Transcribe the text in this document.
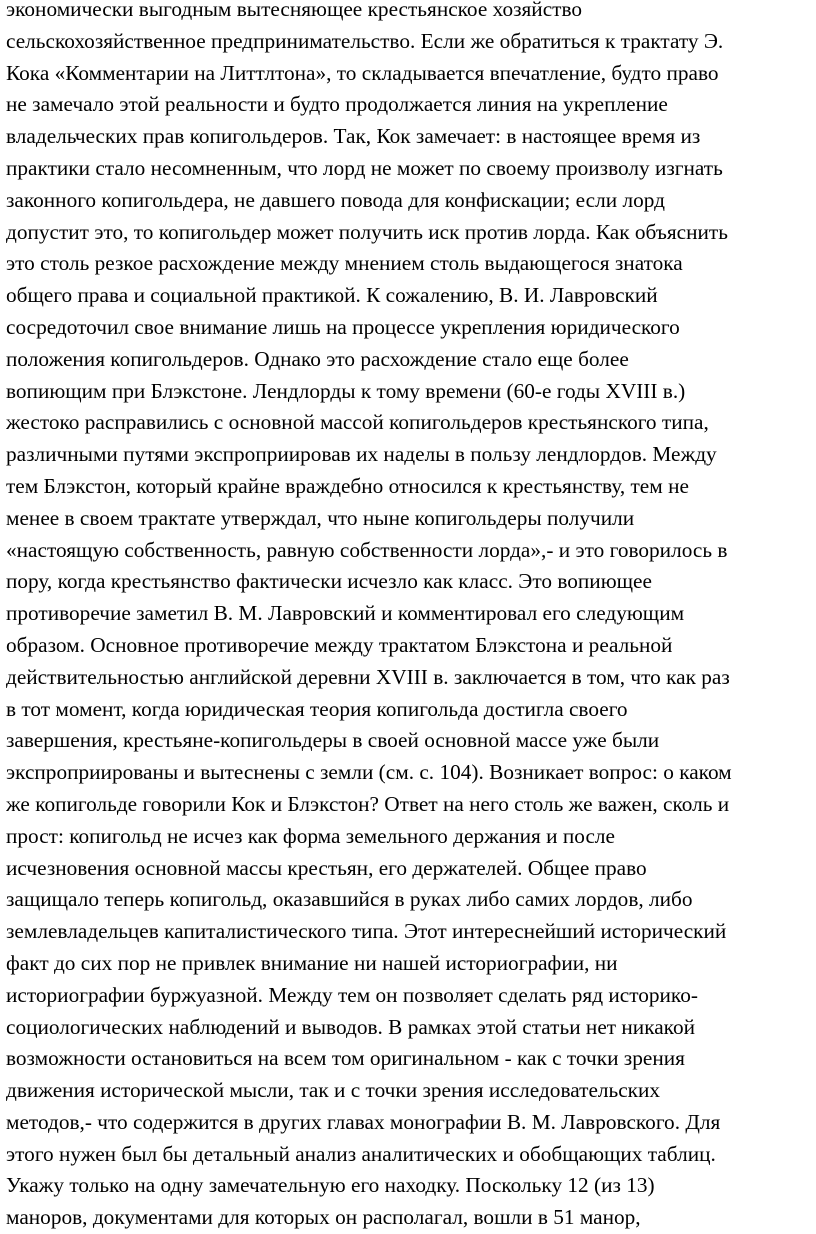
экономически выгодным вытесняющее крестьянское хозяйство
сельскохозяйственное предпринимательство. Если же обратиться к трактату Э.
Кока «Комментарии на Литтлтона», то складывается впечатление, будто право
не замечало этой реальности и будто продолжается линия на укрепление
владельческих прав копигольдеров. Так, Кок замечает: в настоящее время из
практики стало несомненным, что лорд не может по своему произволу изгнать
законного копигольдера, не давшего повода для конфискации; если лорд
допустит это, то копигольдер может получить иск против лорда. Как объяснить
это столь резкое расхождение между мнением столь выдающегося знатока
общего права и социальной практикой. К сожалению, В. И. Лавровский
сосредоточил свое внимание лишь на процессе укрепления юридического
положения копигольдеров. Однако это расхождение стало еще более
вопиющим при Блэкстоне. Лендлорды к тому времени (60-е годы XVIII в.)
жестоко расправились с основной массой копигольдеров крестьянского типа,
различными путями экспроприировав их наделы в пользу лендлордов. Между
тем Блэкстон, который крайне враждебно относился к крестьянству, тем не
менее в своем трактате утверждал, что ныне копигольдеры получили
«настоящую собственность, равную собственности лорда»,- и это говорилось в
пору, когда крестьянство фактически исчезло как класс. Это вопиющее
противоречие заметил В. М. Лавровский и комментировал его следующим
образом. Основное противоречие между трактатом Блэкстона и реальной
действительностью английской деревни XVIII в. заключается в том, что как раз
в тот момент, когда юридическая теория копигольда достигла своего
завершения, крестьяне-копигольдеры в своей основной массе уже были
экспроприированы и вытеснены с земли (см. с. 104). Возникает вопрос: о каком
же копигольде говорили Кок и Блэкстон? Ответ на него столь же важен, сколь и
прост: копигольд не исчез как форма земельного держания и после
исчезновения основной массы крестьян, его держателей. Общее право
защищало теперь копигольд, оказавшийся в руках либо самих лордов, либо
землевладельцев капиталистического типа. Этот интереснейший исторический
факт до сих пор не привлек внимание ни нашей историографии, ни
историографии буржуазной. Между тем он позволяет сделать ряд историко-
социологических наблюдений и выводов. В рамках этой статьи нет никакой
возможности остановиться на всем том оригинальном - как с точки зрения
движения исторической мысли, так и с точки зрения исследовательских
методов,- что содержится в других главах монографии В. М. Лавровского. Для
этого нужен был бы детальный анализ аналитических и обобщающих таблиц.
Укажу только на одну замечательную его находку. Поскольку 12 (из 13)
маноров, документами для которых он располагал, вошли в 51 манор,
